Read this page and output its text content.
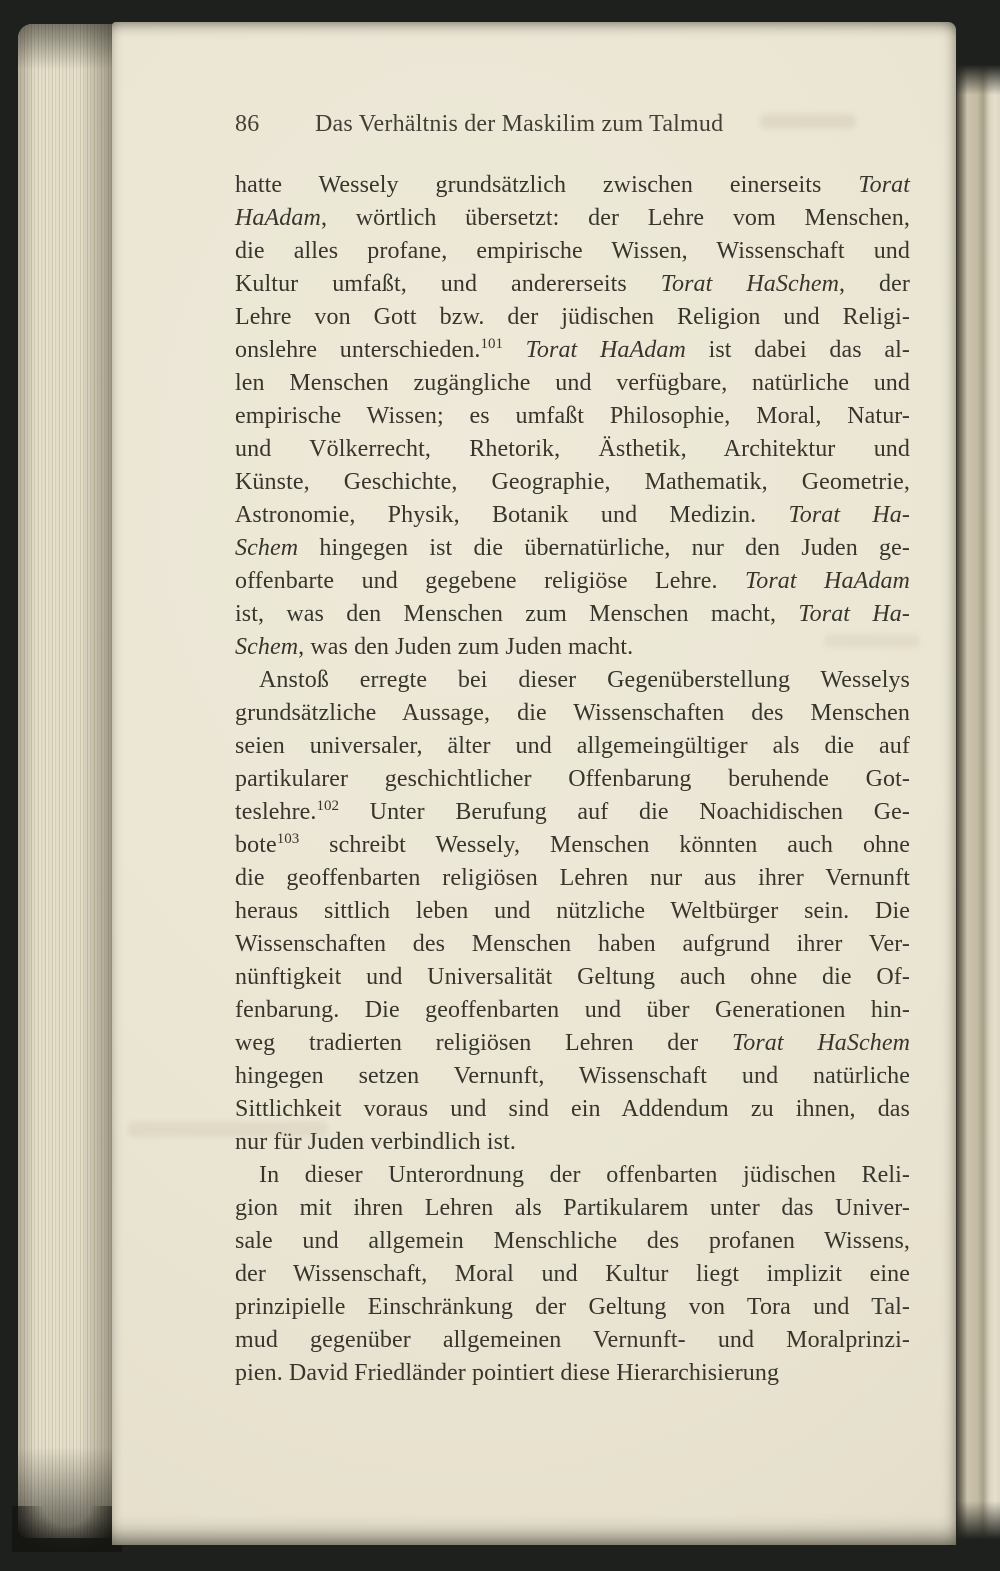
86 Das Verhältnis der Maskilim zum Talmud
hatte Wessely grundsätzlich zwischen einerseits Torat
HaAdam, wörtlich übersetzt: der Lehre vom Menschen,
die alles profane, empirische Wissen, Wissenschaft und
Kultur umfaßt, und andererseits Torat HaSchem, der
Lehre von Gott bzw. der jüdischen Religion und Religi-
onslehre unterschieden.$^{101}$ Torat HaAdam ist dabei das al-
len Menschen zugängliche und verfügbare, natürliche und
empirische Wissen; es umfaßt Philosophie, Moral, Natur-
und Völkerrecht, Rhetorik, Ästhetik, Architektur und
Künste, Geschichte, Geographie, Mathematik, Geometrie,
Astronomie, Physik, Botanik und Medizin. Torat Ha-
Schem hingegen ist die übernatürliche, nur den Juden ge-
offenbarte und gegebene religiöse Lehre. Torat HaAdam
ist, was den Menschen zum Menschen macht, Torat Ha-
Schem, was den Juden zum Juden macht.
Anstoß erregte bei dieser Gegenüberstellung Wesselys
grundsätzliche Aussage, die Wissenschaften des Menschen
seien universaler, älter und allgemeingültiger als die auf
partikularer geschichtlicher Offenbarung beruhende Got-
teslehre.$^{102}$ Unter Berufung auf die Noachidischen Ge-
bote$^{103}$ schreibt Wessely, Menschen könnten auch ohne
die geoffenbarten religiösen Lehren nur aus ihrer Vernunft
heraus sittlich leben und nützliche Weltbürger sein. Die
Wissenschaften des Menschen haben aufgrund ihrer Ver-
nünftigkeit und Universalität Geltung auch ohne die Of-
fenbarung. Die geoffenbarten und über Generationen hin-
weg tradierten religiösen Lehren der Torat HaSchem
hingegen setzen Vernunft, Wissenschaft und natürliche
Sittlichkeit voraus und sind ein Addendum zu ihnen, das
nur für Juden verbindlich ist.
In dieser Unterordnung der offenbarten jüdischen Reli-
gion mit ihren Lehren als Partikularem unter das Univer-
sale und allgemein Menschliche des profanen Wissens,
der Wissenschaft, Moral und Kultur liegt implizit eine
prinzipielle Einschränkung der Geltung von Tora und Tal-
mud gegenüber allgemeinen Vernunft- und Moralprinzi-
pien. David Friedländer pointiert diese Hierarchisierung
